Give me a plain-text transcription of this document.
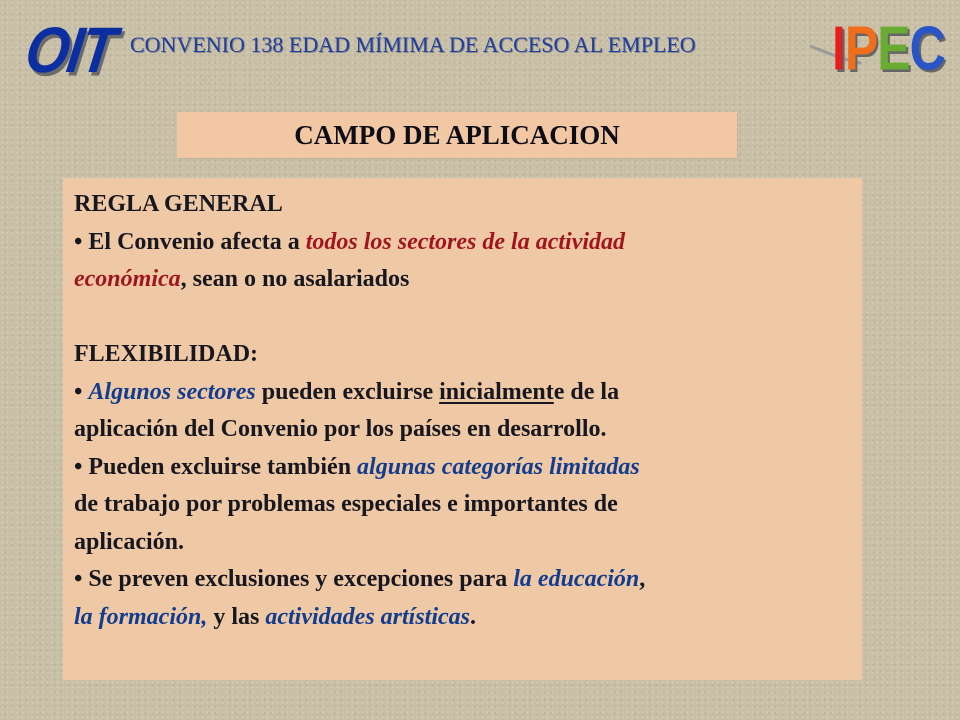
OIT CONVENIO 138 EDAD MÍMIMA DE ACCESO AL EMPLEO	I P E C
CAMPO DE APLICACION
REGLA GENERAL
• El Convenio afecta a todos los sectores de la actividad
económica, sean o no asalariados
FLEXIBILIDAD:
• Algunos sectores pueden excluirse inicialmente de la
aplicación del Convenio por los países en desarrollo.
• Pueden excluirse también algunas categorías limitadas
de trabajo por problemas especiales e importantes de
aplicación.
• Se preven exclusiones y excepciones para la educación,
la formación, y las actividades artísticas.
